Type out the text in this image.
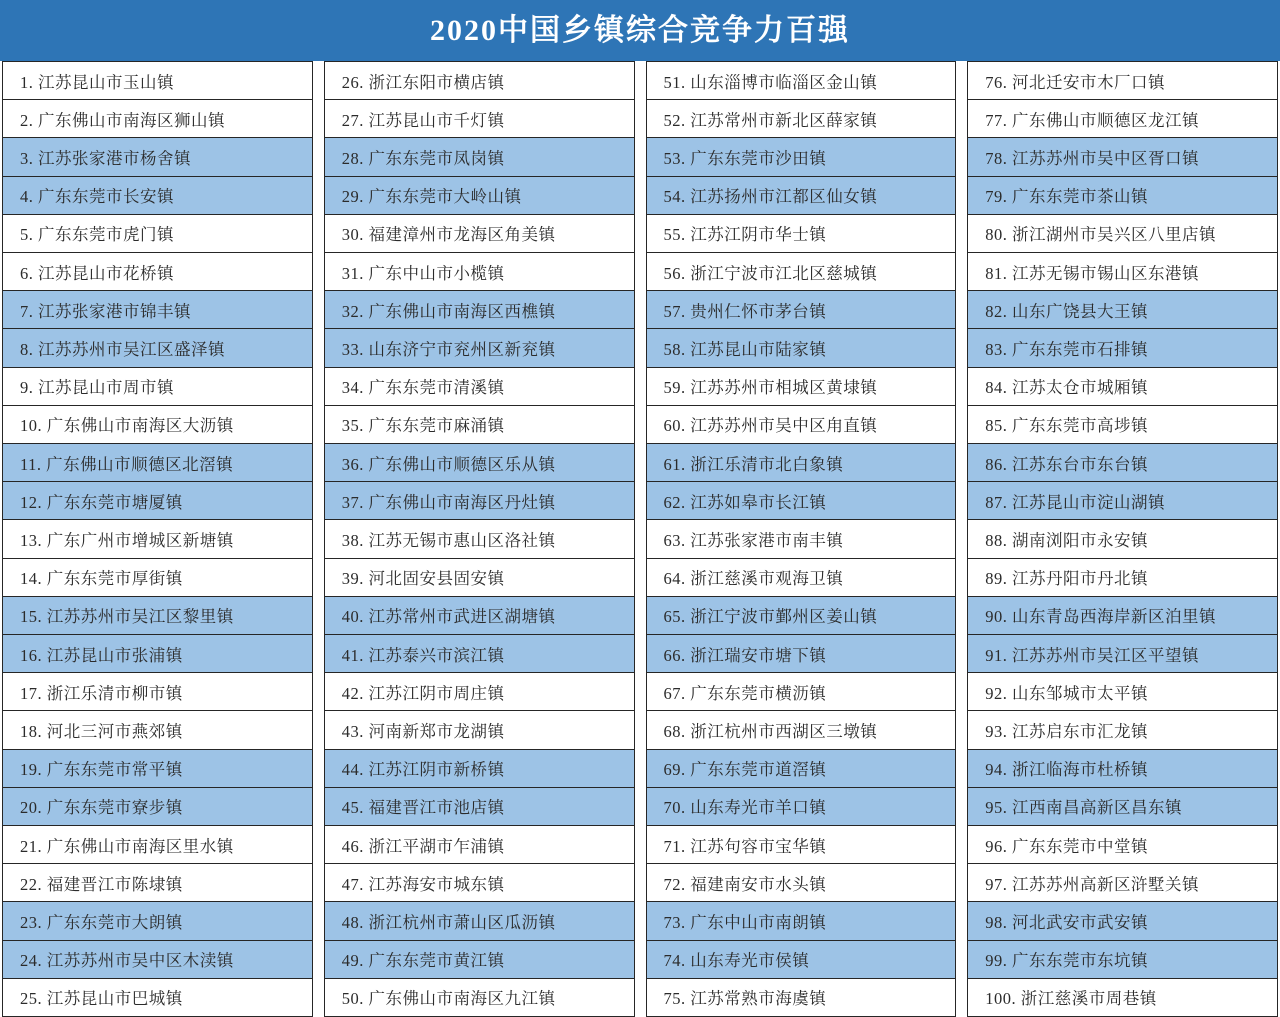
2020中国乡镇综合竞争力百强
1. 江苏昆山市玉山镇
2. 广东佛山市南海区狮山镇
3. 江苏张家港市杨舍镇
4. 广东东莞市长安镇
5. 广东东莞市虎门镇
6. 江苏昆山市花桥镇
7. 江苏张家港市锦丰镇
8. 江苏苏州市吴江区盛泽镇
9. 江苏昆山市周市镇
10. 广东佛山市南海区大沥镇
11. 广东佛山市顺德区北滘镇
12. 广东东莞市塘厦镇
13. 广东广州市增城区新塘镇
14. 广东东莞市厚街镇
15. 江苏苏州市吴江区黎里镇
16. 江苏昆山市张浦镇
17. 浙江乐清市柳市镇
18. 河北三河市燕郊镇
19. 广东东莞市常平镇
20. 广东东莞市寮步镇
21. 广东佛山市南海区里水镇
22. 福建晋江市陈埭镇
23. 广东东莞市大朗镇
24. 江苏苏州市吴中区木渎镇
25. 江苏昆山市巴城镇
26. 浙江东阳市横店镇
27. 江苏昆山市千灯镇
28. 广东东莞市凤岗镇
29. 广东东莞市大岭山镇
30. 福建漳州市龙海区角美镇
31. 广东中山市小榄镇
32. 广东佛山市南海区西樵镇
33. 山东济宁市兖州区新兖镇
34. 广东东莞市清溪镇
35. 广东东莞市麻涌镇
36. 广东佛山市顺德区乐从镇
37. 广东佛山市南海区丹灶镇
38. 江苏无锡市惠山区洛社镇
39. 河北固安县固安镇
40. 江苏常州市武进区湖塘镇
41. 江苏泰兴市滨江镇
42. 江苏江阴市周庄镇
43. 河南新郑市龙湖镇
44. 江苏江阴市新桥镇
45. 福建晋江市池店镇
46. 浙江平湖市乍浦镇
47. 江苏海安市城东镇
48. 浙江杭州市萧山区瓜沥镇
49. 广东东莞市黄江镇
50. 广东佛山市南海区九江镇
51. 山东淄博市临淄区金山镇
52. 江苏常州市新北区薛家镇
53. 广东东莞市沙田镇
54. 江苏扬州市江都区仙女镇
55. 江苏江阴市华士镇
56. 浙江宁波市江北区慈城镇
57. 贵州仁怀市茅台镇
58. 江苏昆山市陆家镇
59. 江苏苏州市相城区黄埭镇
60. 江苏苏州市吴中区甪直镇
61. 浙江乐清市北白象镇
62. 江苏如皋市长江镇
63. 江苏张家港市南丰镇
64. 浙江慈溪市观海卫镇
65. 浙江宁波市鄞州区姜山镇
66. 浙江瑞安市塘下镇
67. 广东东莞市横沥镇
68. 浙江杭州市西湖区三墩镇
69. 广东东莞市道滘镇
70. 山东寿光市羊口镇
71. 江苏句容市宝华镇
72. 福建南安市水头镇
73. 广东中山市南朗镇
74. 山东寿光市侯镇
75. 江苏常熟市海虞镇
76. 河北迁安市木厂口镇
77. 广东佛山市顺德区龙江镇
78. 江苏苏州市吴中区胥口镇
79. 广东东莞市茶山镇
80. 浙江湖州市吴兴区八里店镇
81. 江苏无锡市锡山区东港镇
82. 山东广饶县大王镇
83. 广东东莞市石排镇
84. 江苏太仓市城厢镇
85. 广东东莞市高埗镇
86. 江苏东台市东台镇
87. 江苏昆山市淀山湖镇
88. 湖南浏阳市永安镇
89. 江苏丹阳市丹北镇
90. 山东青岛西海岸新区泊里镇
91. 江苏苏州市吴江区平望镇
92. 山东邹城市太平镇
93. 江苏启东市汇龙镇
94. 浙江临海市杜桥镇
95. 江西南昌高新区昌东镇
96. 广东东莞市中堂镇
97. 江苏苏州高新区浒墅关镇
98. 河北武安市武安镇
99. 广东东莞市东坑镇
100. 浙江慈溪市周巷镇
